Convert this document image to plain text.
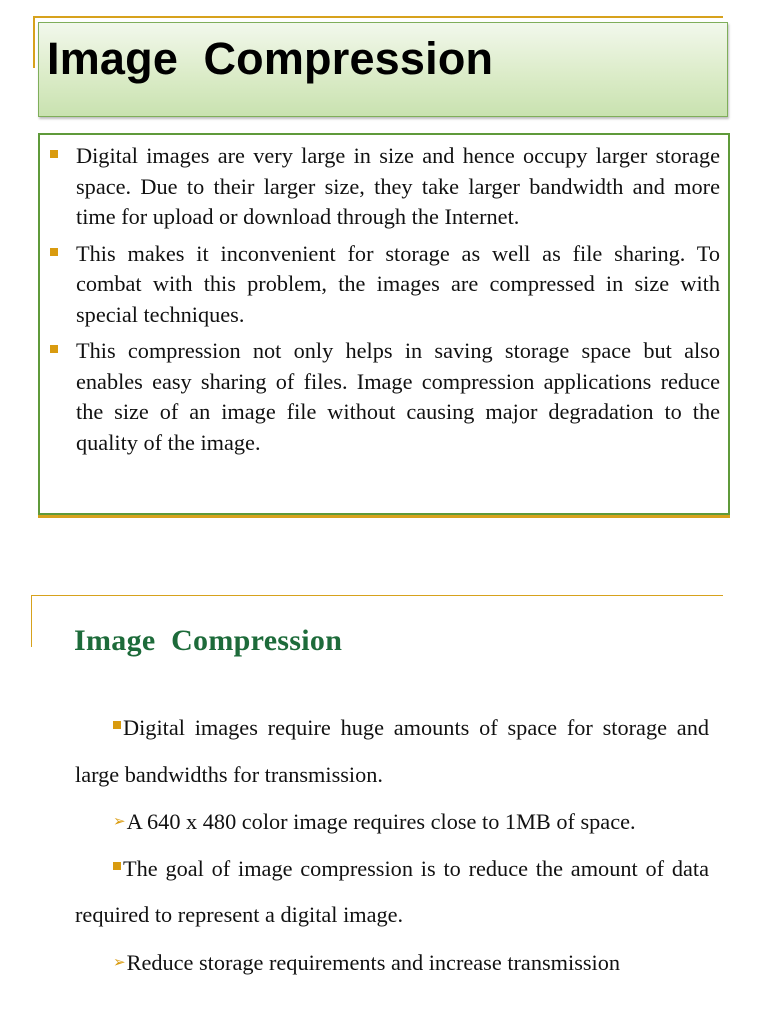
Image  Compression
Digital images are very large in size and hence occupy larger storage space. Due to their larger size, they take larger bandwidth and more time for upload or download through the Internet.
This makes it inconvenient for storage as well as file sharing. To combat with this problem, the images are compressed in size with special techniques.
This compression not only helps in saving storage space but also enables easy sharing of files. Image compression applications reduce the size of an image file without causing major degradation to the quality of the image.
Image  Compression

Digital images require huge amounts of space for storage and large bandwidths for transmission.

➢A 640 x 480 color image requires close to 1MB of space.

The goal of image compression is to reduce the amount of data required to represent a digital image.

➢Reduce storage requirements and increase transmission
